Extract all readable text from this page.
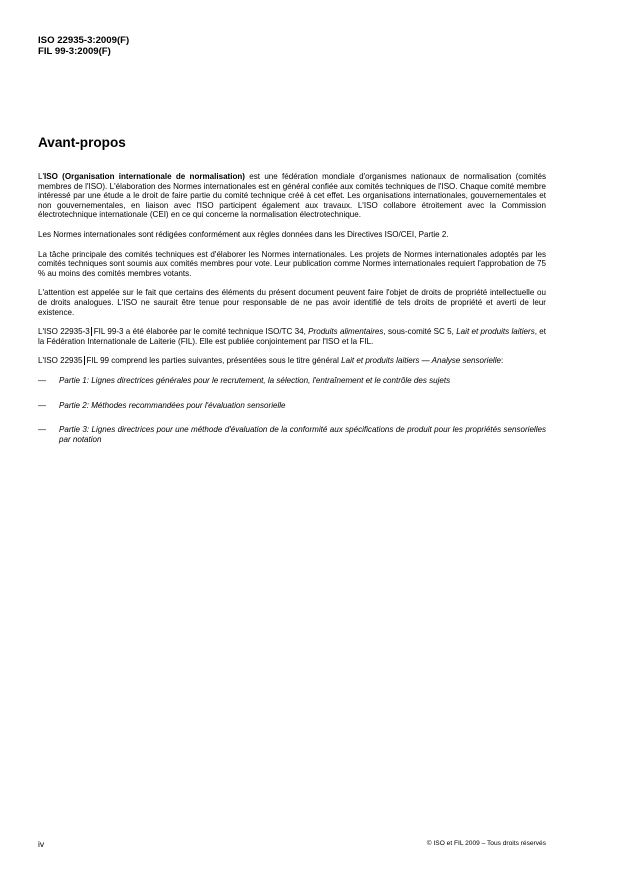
ISO 22935-3:2009(F)
FIL 99-3:2009(F)
Avant-propos

L'ISO (Organisation internationale de normalisation) est une fédération mondiale d'organismes nationaux de normalisation (comités membres de l'ISO). L'élaboration des Normes internationales est en général confiée aux comités techniques de l'ISO. Chaque comité membre intéressé par une étude a le droit de faire partie du comité technique créé à cet effet. Les organisations internationales, gouvernementales et non gouvernementales, en liaison avec l'ISO participent également aux travaux. L'ISO collabore étroitement avec la Commission électrotechnique internationale (CEI) en ce qui concerne la normalisation électrotechnique.

Les Normes internationales sont rédigées conformément aux règles données dans les Directives ISO/CEI, Partie 2.

La tâche principale des comités techniques est d'élaborer les Normes internationales. Les projets de Normes internationales adoptés par les comités techniques sont soumis aux comités membres pour vote. Leur publication comme Normes internationales requiert l'approbation de 75 % au moins des comités membres votants.

L'attention est appelée sur le fait que certains des éléments du présent document peuvent faire l'objet de droits de propriété intellectuelle ou de droits analogues. L'ISO ne saurait être tenue pour responsable de ne pas avoir identifié de tels droits de propriété et averti de leur existence.

L'ISO 22935-3 FIL 99-3 a été élaborée par le comité technique ISO/TC 34, Produits alimentaires, sous-comité SC 5, Lait et produits laitiers, et la Fédération Internationale de Laiterie (FIL). Elle est publiée conjointement par l'ISO et la FIL.

L'ISO 22935 FIL 99 comprend les parties suivantes, présentées sous le titre général Lait et produits laitiers — Analyse sensorielle:

— Partie 1: Lignes directrices générales pour le recrutement, la sélection, l'entraînement et le contrôle des sujets
— Partie 2: Méthodes recommandées pour l'évaluation sensorielle
— Partie 3: Lignes directrices pour une méthode d'évaluation de la conformité aux spécifications de produit pour les propriétés sensorielles par notation
iv	© ISO et FIL 2009 – Tous droits réservés
